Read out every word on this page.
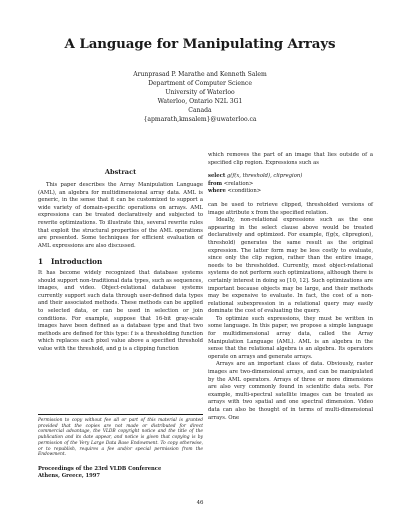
A Language for Manipulating Arrays
Arunprasad P. Marathe and Kenneth Salem
Department of Computer Science
University of Waterloo
Waterloo, Ontario N2L 3G1
Canada
{apmarath,kmsalem}@uwaterloo.ca
Abstract

This paper describes the Array Manipulation Language (AML), an algebra for multidimensional array data. AML is generic, in the sense that it can be customized to support a wide variety of domain-specific operations on arrays. AML expressions can be treated declaratively and subjected to rewrite optimizations. To illustrate this, several rewrite rules that exploit the structural properties of the AML operations are presented. Some techniques for efficient evaluation of AML expressions are also discussed.

1 Introduction

It has become widely recognized that database systems should support non-traditional data types, such as sequences, images, and video. Object-relational database systems currently support such data through user-defined data types and their associated methods. These methods can be applied to selected data, or can be used in selection or join conditions. For example, suppose that 16-bit gray-scale images have been defined as a database type and that two methods are defined for this type: f is a thresholding function which replaces each pixel value above a specified threshold value with the threshold, and g is a clipping function

Permission to copy without fee all or part of this material is granted provided that the copies are not made or distributed for direct commercial advantage, the VLDB copyright notice and the title of the publication and its date appear, and notice is given that copying is by permission of the Very Large Data Base Endowment. To copy otherwise, or to republish, requires a fee and/or special permission from the Endowment.
Proceedings of the 23rd VLDB Conference
Athens, Greece, 1997

which removes the part of an image that lies outside of a specified clip region. Expressions such as

select g(f(x, threshold), clipregion)
from <relation>
where <condition>

can be used to retrieve clipped, thresholded versions of image attribute x from the specified relation.

Ideally, non-relational expressions such as the one appearing in the select clause above would be treated declaratively and optimized. For example, f(g(x, clipregion), threshold) generates the same result as the original expression. The latter form may be less costly to evaluate, since only the clip region, rather than the entire image, needs to be thresholded. Currently, most object-relational systems do not perform such optimizations, although there is certainly interest in doing so [10, 12]. Such optimizations are important because objects may be large, and their methods may be expensive to evaluate. In fact, the cost of a non-relational subexpression in a relational query may easily dominate the cost of evaluating the query.

To optimize such expressions, they must be written in some language. In this paper, we propose a simple language for multidimensional array data, called the Array Manipulation Language (AML). AML is an algebra in the sense that the relational algebra is an algebra. Its operators operate on arrays and generate arrays.

Arrays are an important class of data. Obviously, raster images are two-dimensional arrays, and can be manipulated by the AML operators. Arrays of three or more dimensions are also very commonly found in scientific data sets. For example, multi-spectral satellite images can be treated as arrays with two spatial and one spectral dimension. Video data can also be thought of in terms of multi-dimensional arrays. One

46
